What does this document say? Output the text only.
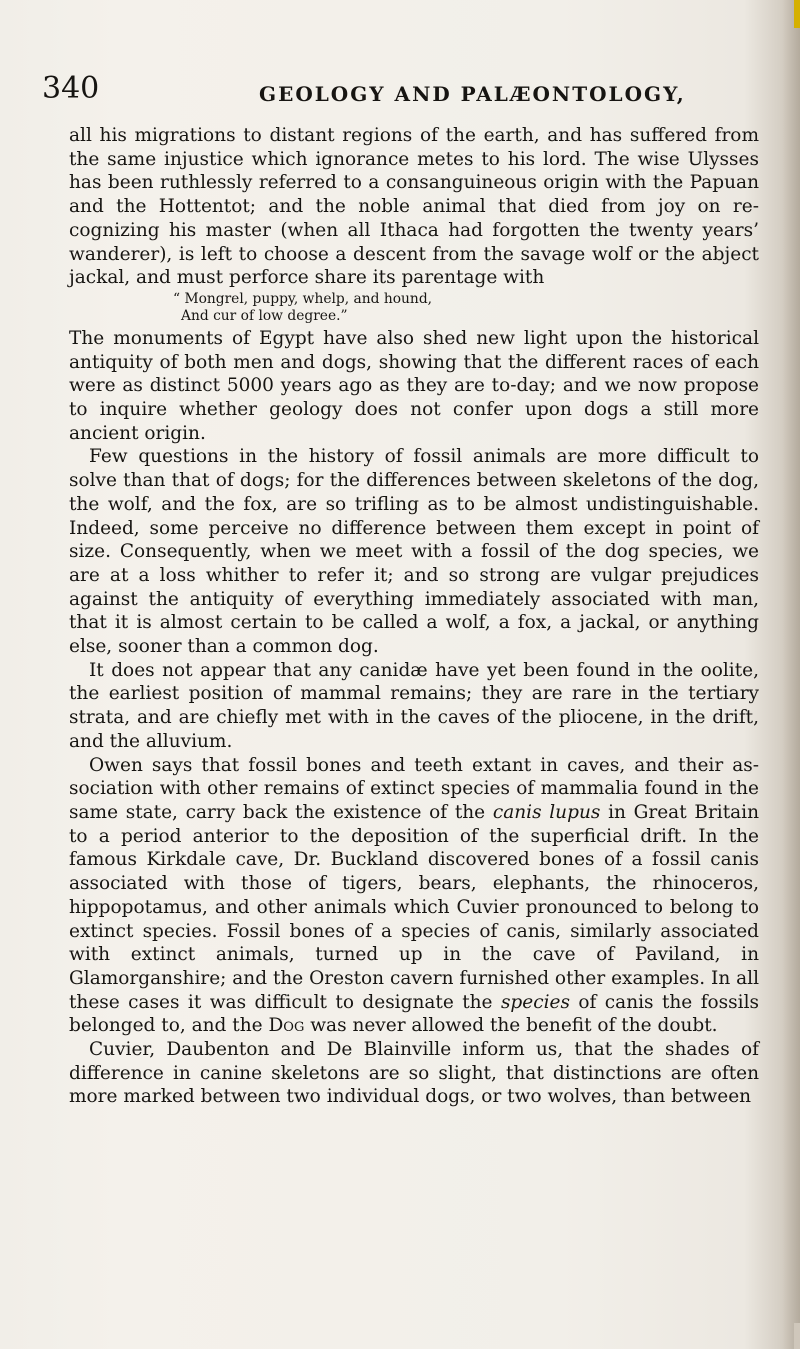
340	GEOLOGY AND PALÆONTOLOGY,

all his migrations to distant regions of the earth, and has suffered from the same injustice which ignorance metes to his lord. The wise Ulysses has been ruthlessly referred to a consanguineous origin with the Papuan and the Hottentot; and the noble animal that died from joy on recognizing his master (when all Ithaca had forgotten the twenty years’ wanderer), is left to choose a descent from the savage wolf or the abject jackal, and must perforce share its parentage with

“ Mongrel, puppy, whelp, and hound,
And cur of low degree.”

The monuments of Egypt have also shed new light upon the historical antiquity of both men and dogs, showing that the different races of each were as distinct 5000 years ago as they are to-day; and we now propose to inquire whether geology does not confer upon dogs a still more ancient origin.

Few questions in the history of fossil animals are more difficult to solve than that of dogs; for the differences between skeletons of the dog, the wolf, and the fox, are so trifling as to be almost undistinguishable. Indeed, some perceive no difference between them except in point of size. Consequently, when we meet with a fossil of the dog species, we are at a loss whither to refer it; and so strong are vulgar prejudices against the antiquity of everything immediately associated with man, that it is almost certain to be called a wolf, a fox, a jackal, or anything else, sooner than a common dog.

It does not appear that any canidæ have yet been found in the oolite, the earliest position of mammal remains; they are rare in the tertiary strata, and are chiefly met with in the caves of the pliocene, in the drift, and the alluvium.

Owen says that fossil bones and teeth extant in caves, and their association with other remains of extinct species of mammalia found in the same state, carry back the existence of the canis lupus in Great Britain to a period anterior to the deposition of the superficial drift. In the famous Kirkdale cave, Dr. Buckland discovered bones of a fossil canis associated with those of tigers, bears, elephants, the rhinoceros, hippopotamus, and other animals which Cuvier pronounced to belong to extinct species. Fossil bones of a species of canis, similarly associated with extinct animals, turned up in the cave of Paviland, in Glamorganshire; and the Oreston cavern furnished other examples. In all these cases it was difficult to designate the species of canis the fossils belonged to, and the Dog was never allowed the benefit of the doubt.

Cuvier, Daubenton and De Blainville inform us, that the shades of difference in canine skeletons are so slight, that distinctions are often more marked between two individual dogs, or two wolves, than between
